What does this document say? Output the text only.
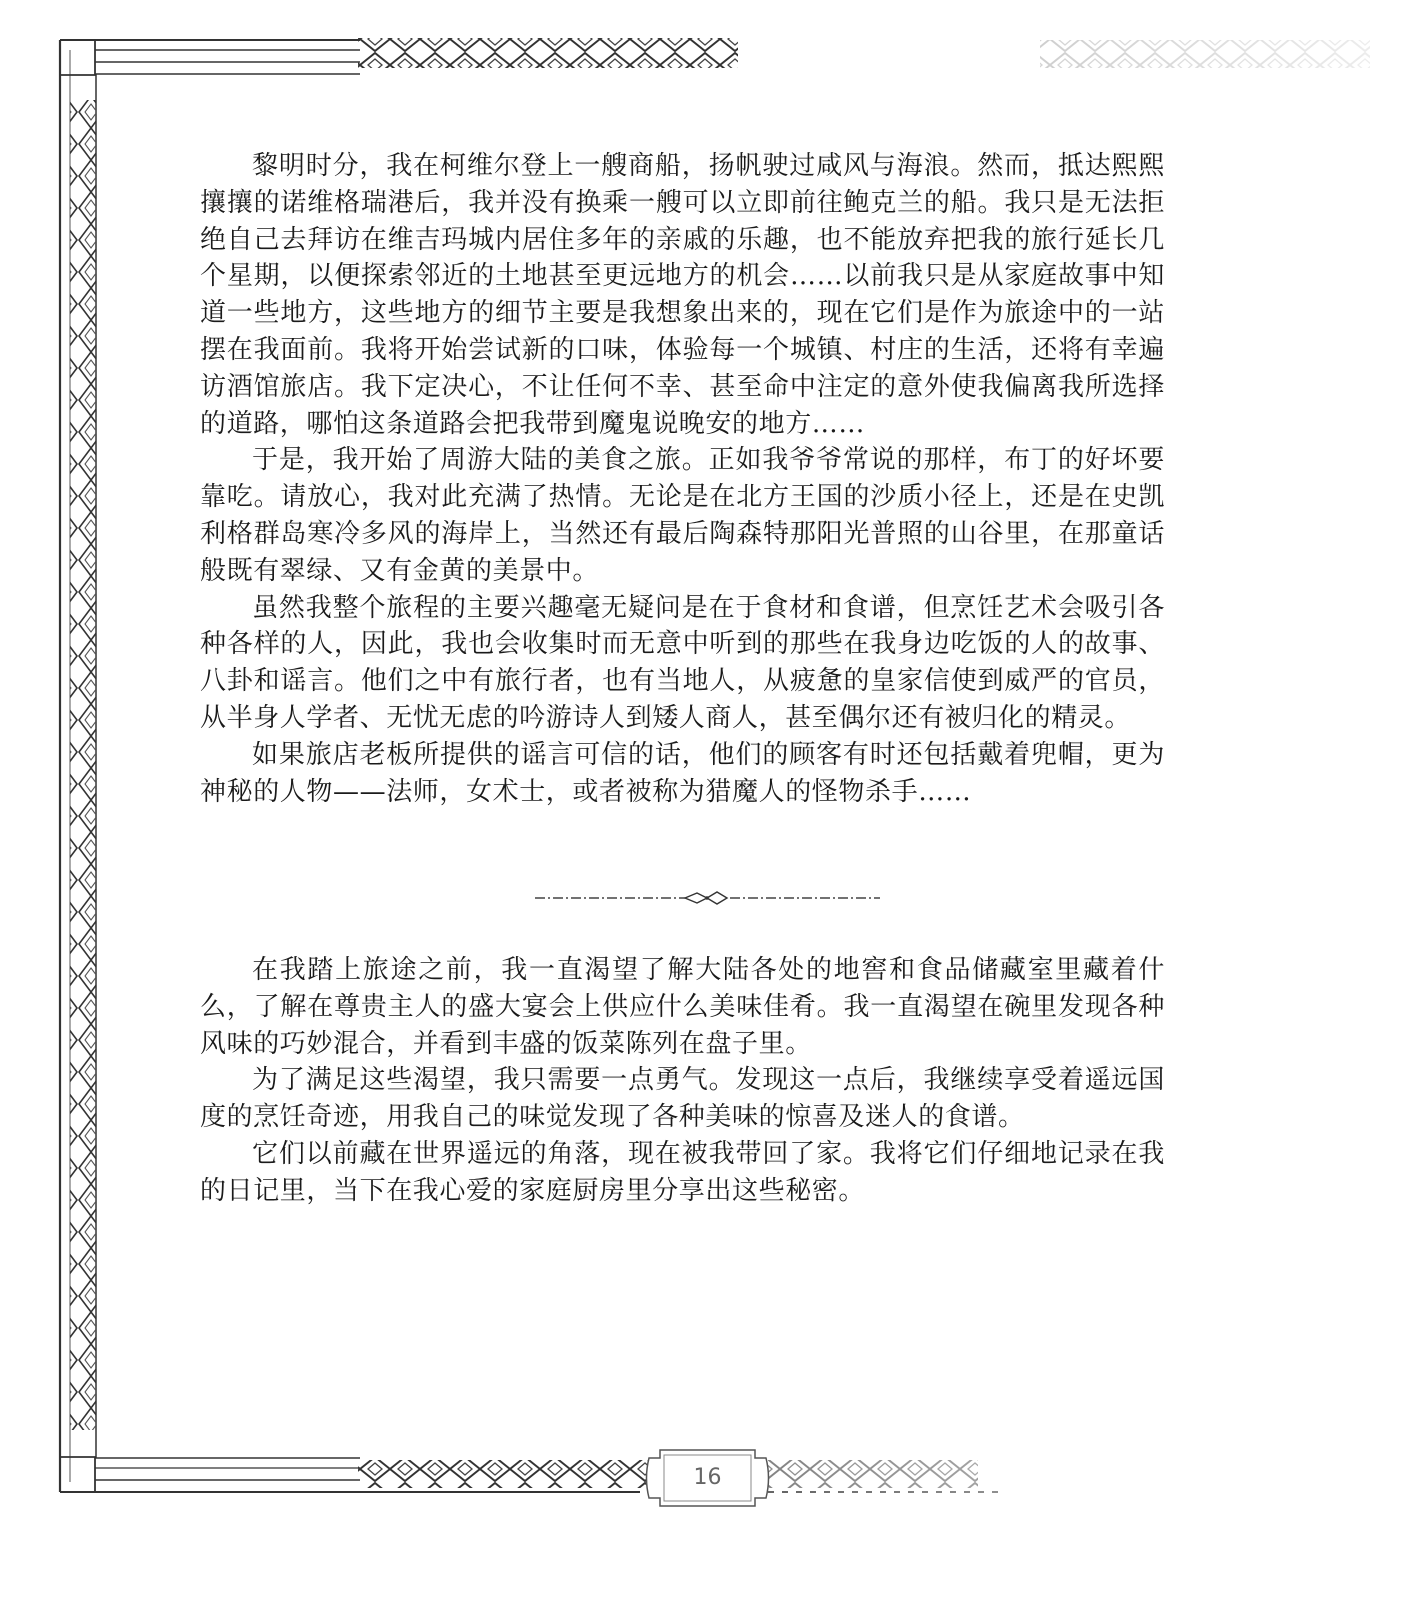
16

黎明时分，我在柯维尔登上一艘商船，扬帆驶过咸风与海浪。然而，抵达熙熙攘攘的诺维格瑞港后，我并没有换乘一艘可以立即前往鲍克兰的船。我只是无法拒绝自己去拜访在维吉玛城内居住多年的亲戚的乐趣，也不能放弃把我的旅行延长几个星期，以便探索邻近的土地甚至更远地方的机会……以前我只是从家庭故事中知道一些地方，这些地方的细节主要是我想象出来的，现在它们是作为旅途中的一站摆在我面前。我将开始尝试新的口味，体验每一个城镇、村庄的生活，还将有幸遍访酒馆旅店。我下定决心，不让任何不幸、甚至命中注定的意外使我偏离我所选择的道路，哪怕这条道路会把我带到魔鬼说晚安的地方……

于是，我开始了周游大陆的美食之旅。正如我爷爷常说的那样，布丁的好坏要靠吃。请放心，我对此充满了热情。无论是在北方王国的沙质小径上，还是在史凯利格群岛寒冷多风的海岸上，当然还有最后陶森特那阳光普照的山谷里，在那童话般既有翠绿、又有金黄的美景中。

虽然我整个旅程的主要兴趣毫无疑问是在于食材和食谱，但烹饪艺术会吸引各种各样的人，因此，我也会收集时而无意中听到的那些在我身边吃饭的人的故事、八卦和谣言。他们之中有旅行者，也有当地人，从疲惫的皇家信使到威严的官员，从半身人学者、无忧无虑的吟游诗人到矮人商人，甚至偶尔还有被归化的精灵。

如果旅店老板所提供的谣言可信的话，他们的顾客有时还包括戴着兜帽，更为神秘的人物——法师，女术士，或者被称为猎魔人的怪物杀手……

在我踏上旅途之前，我一直渴望了解大陆各处的地窖和食品储藏室里藏着什么，了解在尊贵主人的盛大宴会上供应什么美味佳肴。我一直渴望在碗里发现各种风味的巧妙混合，并看到丰盛的饭菜陈列在盘子里。

为了满足这些渴望，我只需要一点勇气。发现这一点后，我继续享受着遥远国度的烹饪奇迹，用我自己的味觉发现了各种美味的惊喜及迷人的食谱。

它们以前藏在世界遥远的角落，现在被我带回了家。我将它们仔细地记录在我的日记里，当下在我心爱的家庭厨房里分享出这些秘密。
